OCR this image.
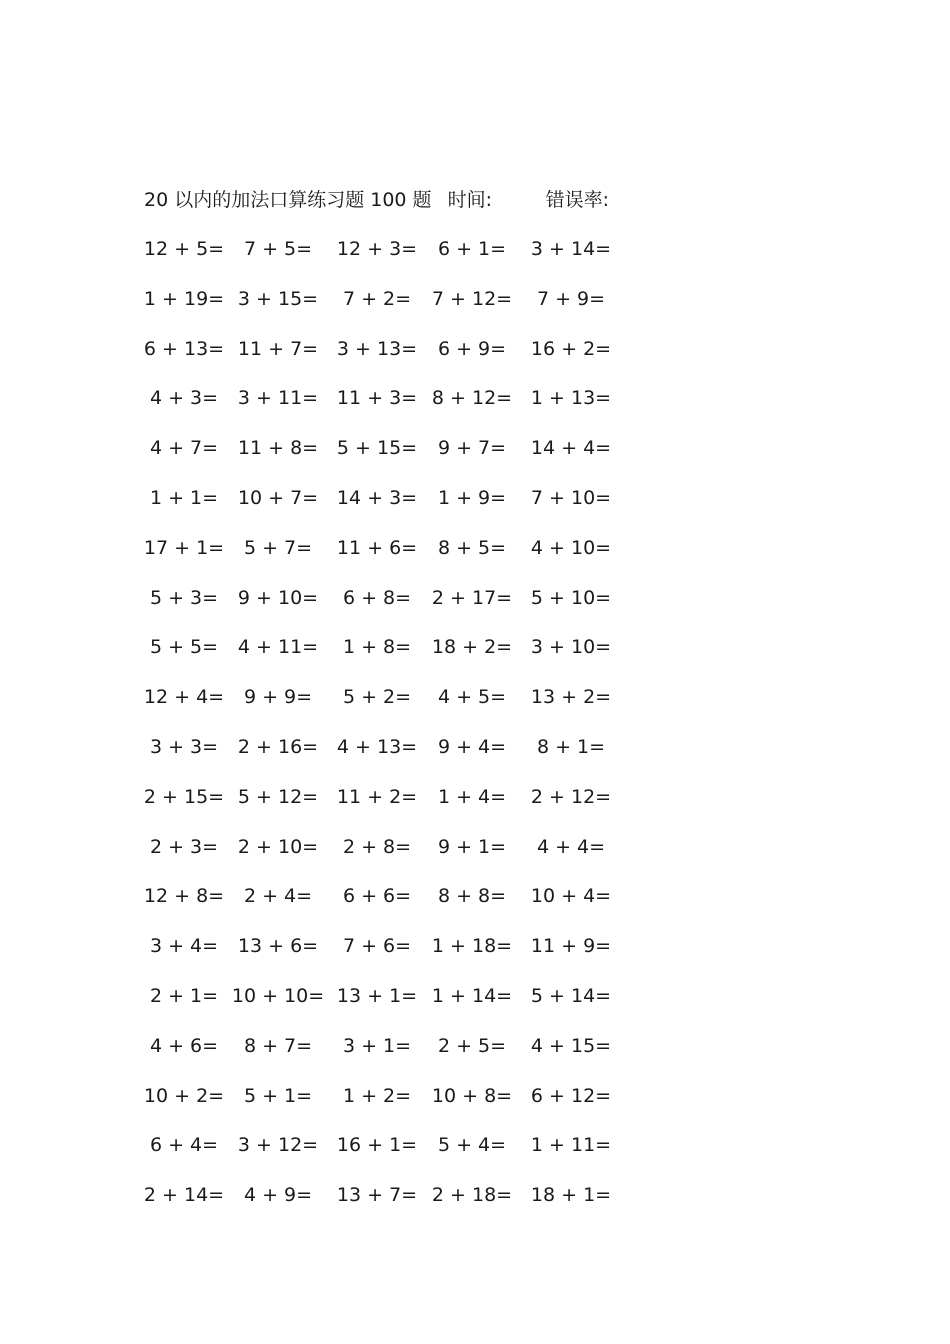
20 以内的加法口算练习题 100 题 时间:	错误率:
12 + 5= 7 + 5= 12 + 3= 6 + 1= 3 + 14=
1 + 19= 3 + 15= 7 + 2= 7 + 12= 7 + 9=
6 + 13= 11 + 7= 3 + 13= 6 + 9= 16 + 2=
4 + 3= 3 + 11= 11 + 3= 8 + 12= 1 + 13=
4 + 7= 11 + 8= 5 + 15= 9 + 7= 14 + 4=
1 + 1= 10 + 7= 14 + 3= 1 + 9= 7 + 10=
17 + 1= 5 + 7= 11 + 6= 8 + 5= 4 + 10=
5 + 3= 9 + 10= 6 + 8= 2 + 17= 5 + 10=
5 + 5= 4 + 11= 1 + 8= 18 + 2= 3 + 10=
12 + 4= 9 + 9= 5 + 2= 4 + 5= 13 + 2=
3 + 3= 2 + 16= 4 + 13= 9 + 4= 8 + 1=
2 + 15= 5 + 12= 11 + 2= 1 + 4= 2 + 12=
2 + 3= 2 + 10= 2 + 8= 9 + 1= 4 + 4=
12 + 8= 2 + 4= 6 + 6= 8 + 8= 10 + 4=
3 + 4= 13 + 6= 7 + 6= 1 + 18= 11 + 9=
2 + 1= 10 + 10= 13 + 1= 1 + 14= 5 + 14=
4 + 6= 8 + 7= 3 + 1= 2 + 5= 4 + 15=
10 + 2= 5 + 1= 1 + 2= 10 + 8= 6 + 12=
6 + 4= 3 + 12= 16 + 1= 5 + 4= 1 + 11=
2 + 14= 4 + 9= 13 + 7= 2 + 18= 18 + 1=
